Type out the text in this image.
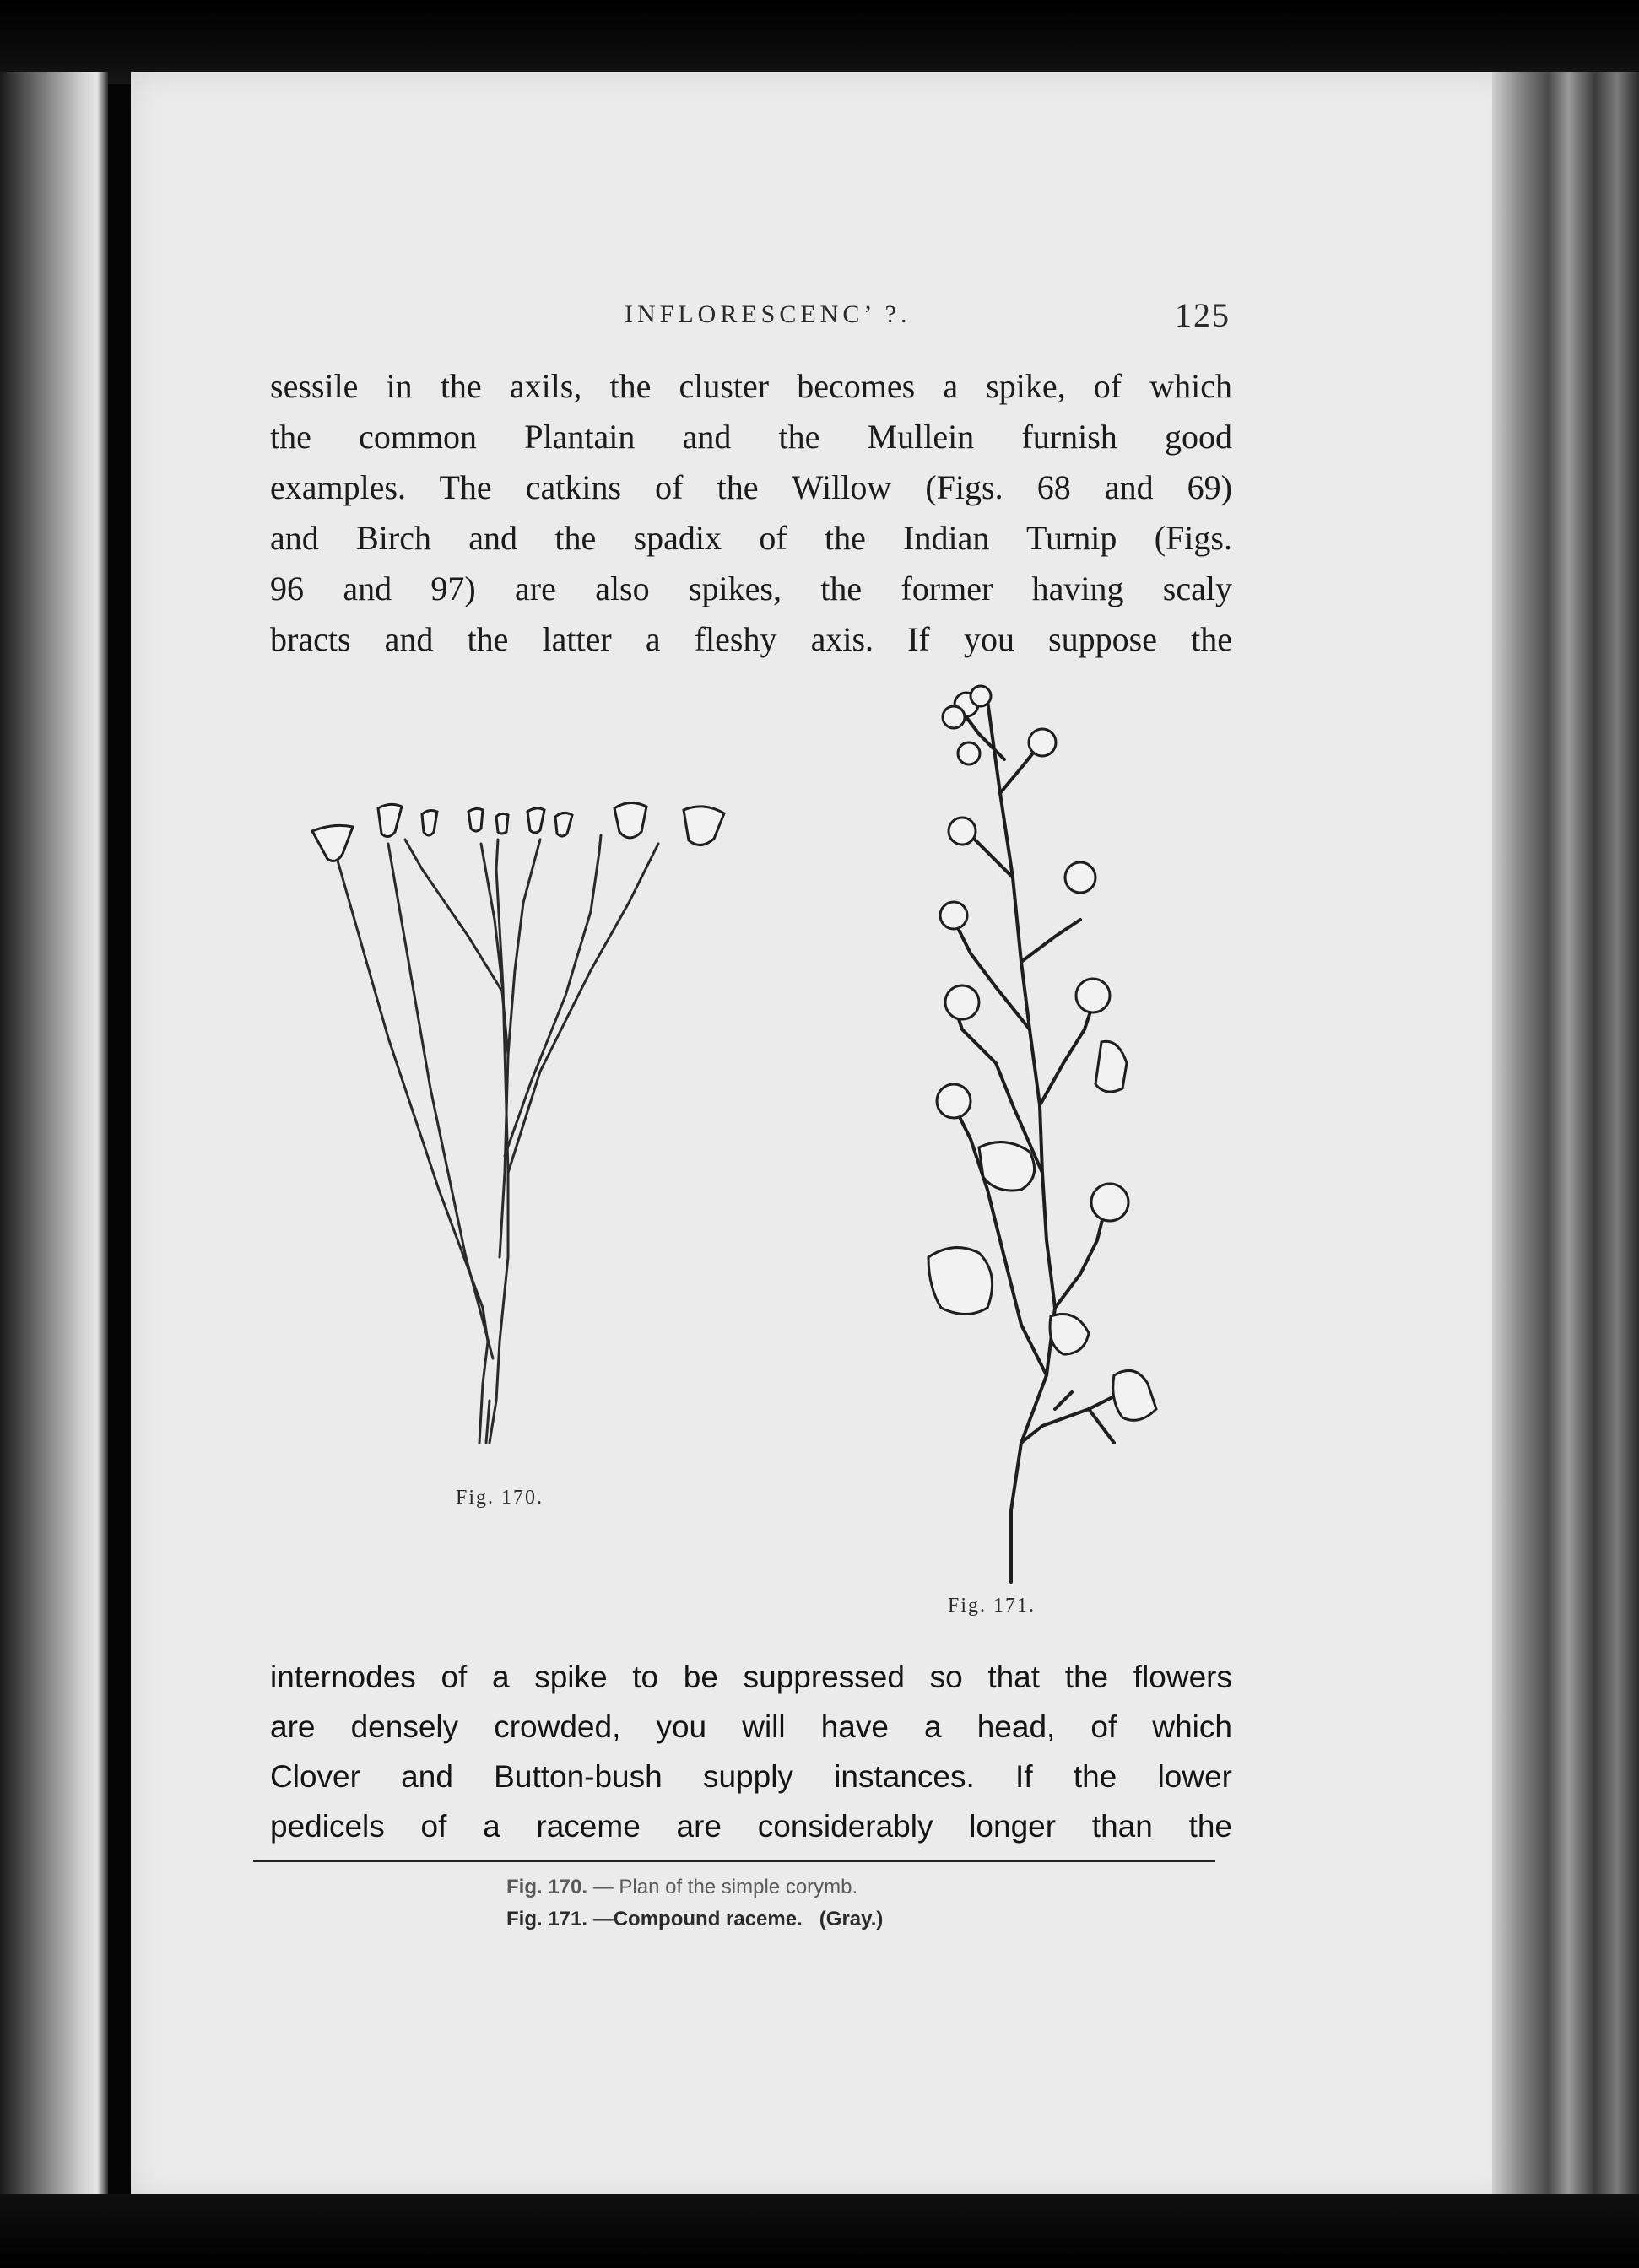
INFLORESCENC’ ?.	125
sessile in the axils, the cluster becomes a spike, of which
the common Plantain and the Mullein furnish good
examples. The catkins of the Willow (Figs. 68 and 69)
and Birch and the spadix of the Indian Turnip (Figs.
96 and 97) are also spikes, the former having scaly
bracts and the latter a fleshy axis. If you suppose the
Fig. 170.
Fig. 171.
internodes of a spike to be suppressed so that the flowers
are densely crowded, you will have a head, of which
Clover and Button-bush supply instances. If the lower
pedicels of a raceme are considerably longer than the
Fig. 170. — Plan of the simple corymb.
Fig. 171. —Compound raceme. (Gray.)
